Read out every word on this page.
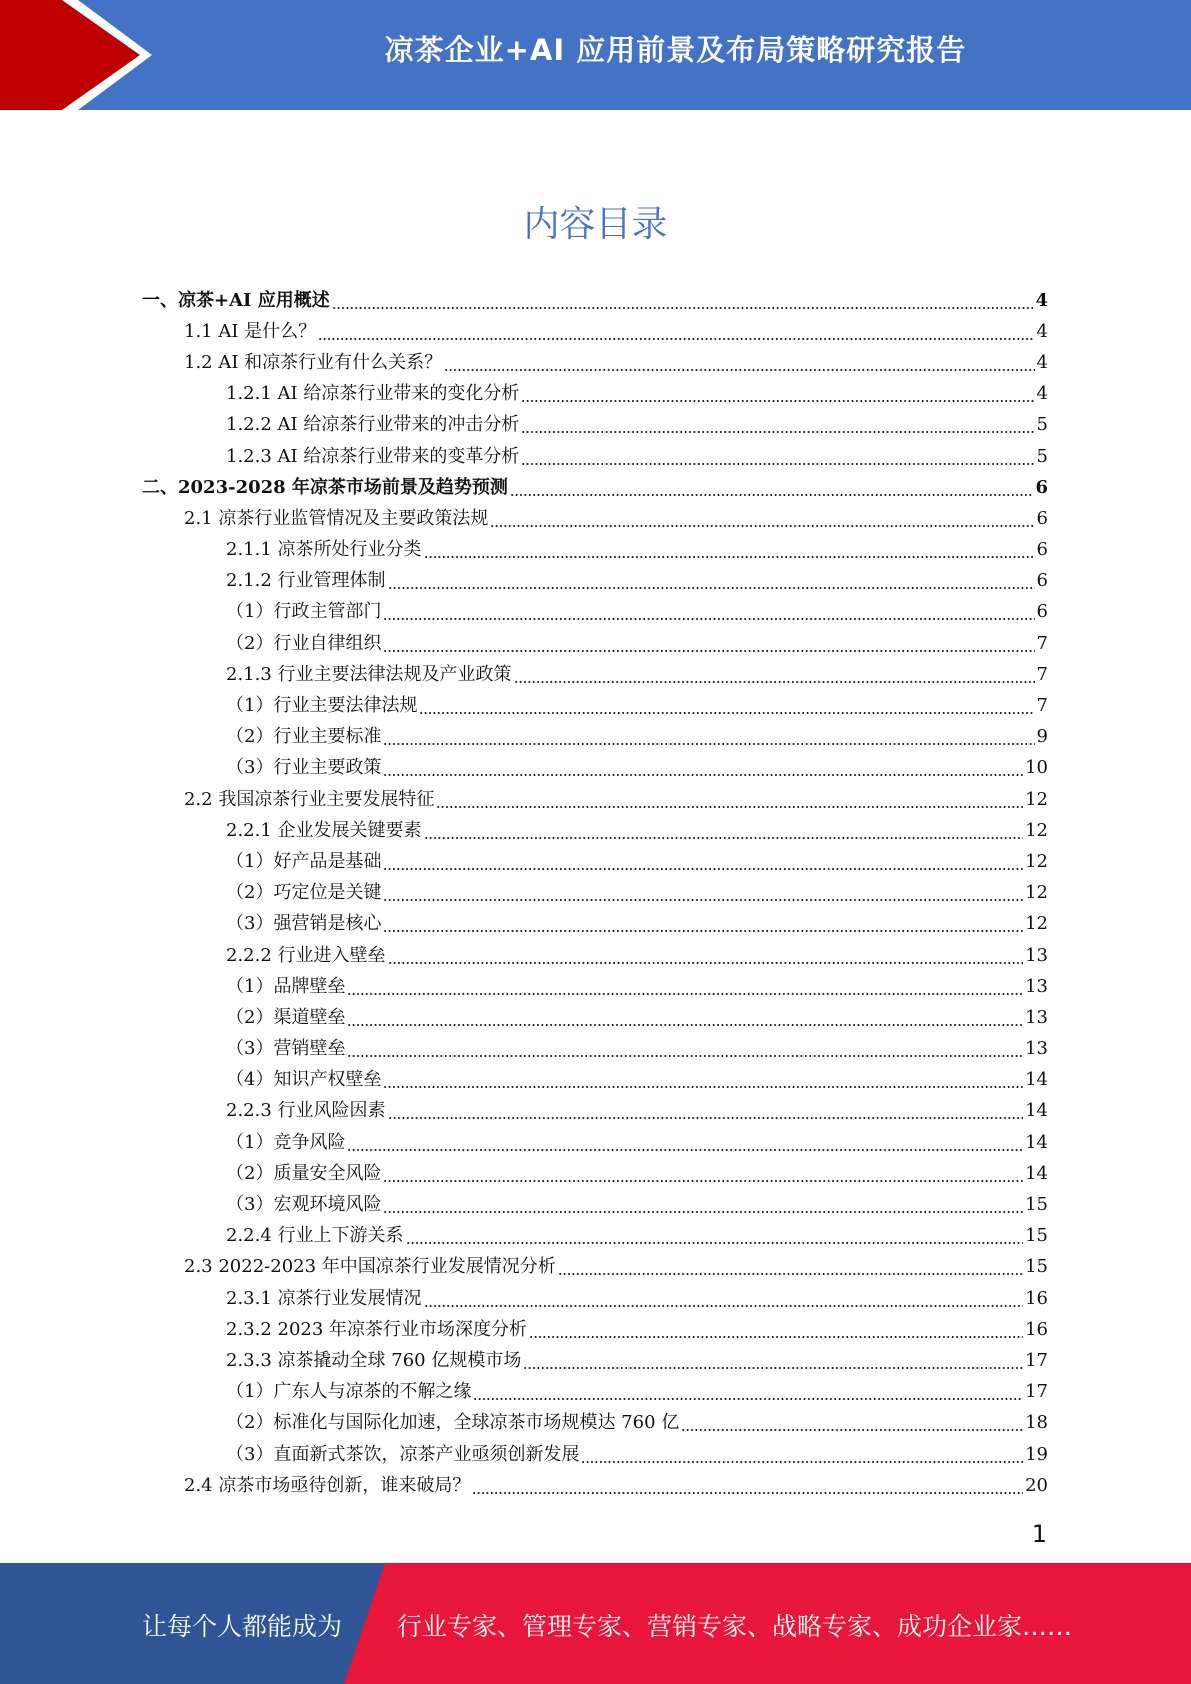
凉茶企业+AI 应用前景及布局策略研究报告
内容目录
一、凉茶+AI 应用概述	4
1.1 AI 是什么？	4
1.2 AI 和凉茶行业有什么关系？	4
1.2.1 AI 给凉茶行业带来的变化分析	4
1.2.2 AI 给凉茶行业带来的冲击分析	5
1.2.3 AI 给凉茶行业带来的变革分析	5
二、2023-2028 年凉茶市场前景及趋势预测	6
2.1 凉茶行业监管情况及主要政策法规	6
2.1.1 凉茶所处行业分类	6
2.1.2 行业管理体制	6
（1）行政主管部门	6
（2）行业自律组织	7
2.1.3 行业主要法律法规及产业政策	7
（1）行业主要法律法规	7
（2）行业主要标准	9
（3）行业主要政策	10
2.2 我国凉茶行业主要发展特征	12
2.2.1 企业发展关键要素	12
（1）好产品是基础	12
（2）巧定位是关键	12
（3）强营销是核心	12
2.2.2 行业进入壁垒	13
（1）品牌壁垒	13
（2）渠道壁垒	13
（3）营销壁垒	13
（4）知识产权壁垒	14
2.2.3 行业风险因素	14
（1）竞争风险	14
（2）质量安全风险	14
（3）宏观环境风险	15
2.2.4 行业上下游关系	15
2.3 2022-2023 年中国凉茶行业发展情况分析	15
2.3.1 凉茶行业发展情况	16
2.3.2 2023 年凉茶行业市场深度分析	16
2.3.3 凉茶撬动全球 760 亿规模市场	17
（1）广东人与凉茶的不解之缘	17
（2）标准化与国际化加速，全球凉茶市场规模达 760 亿	18
（3）直面新式茶饮，凉茶产业亟须创新发展	19
2.4 凉茶市场亟待创新，谁来破局？	20
1
让每个人都能成为 行业专家、管理专家、营销专家、战略专家、成功企业家……
